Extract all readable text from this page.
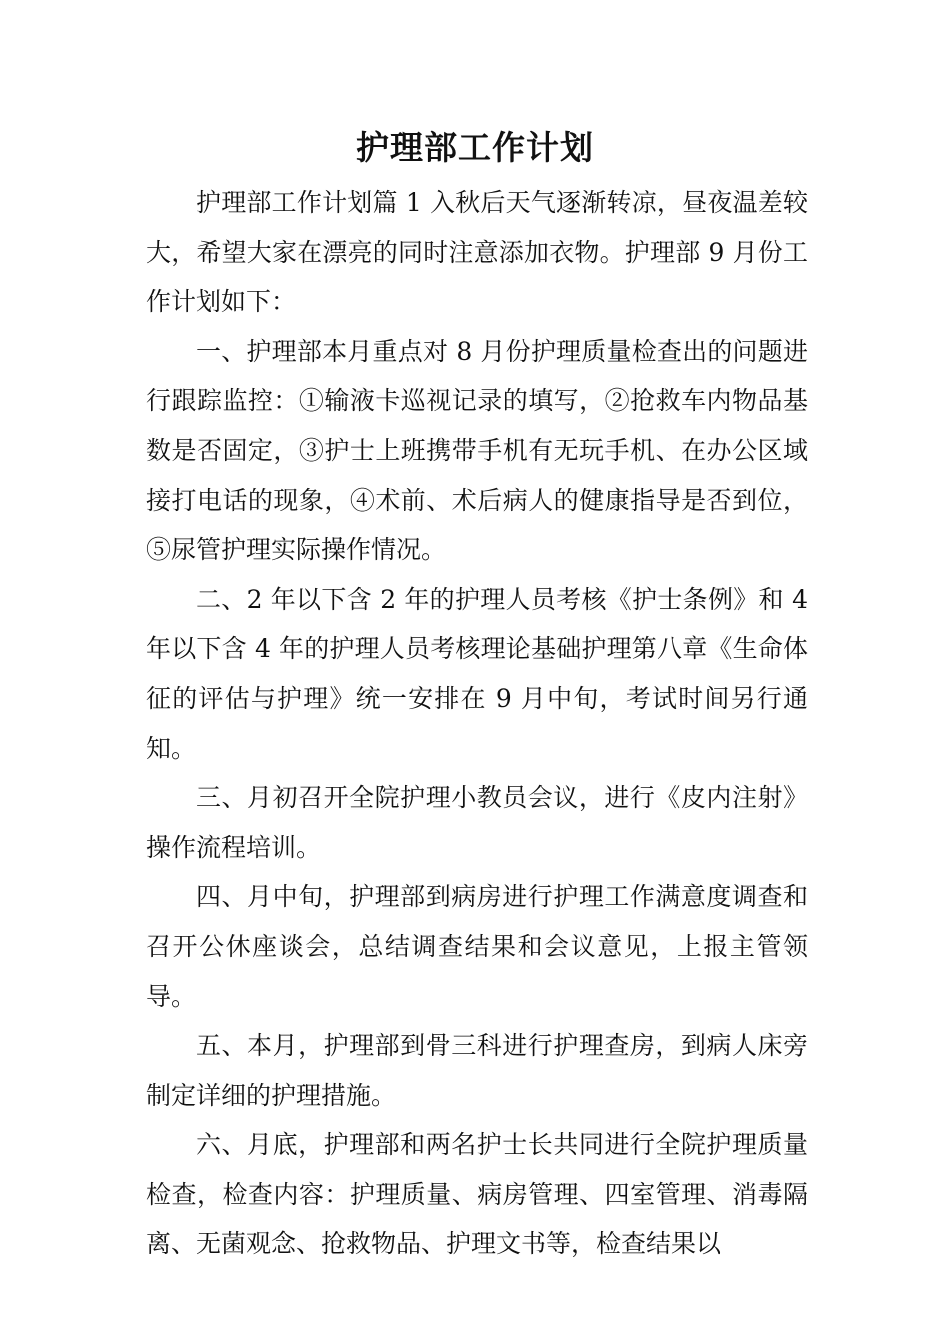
护理部工作计划

护理部工作计划篇 1 入秋后天气逐渐转凉，昼夜温差较大，希望大家在漂亮的同时注意添加衣物。护理部 9 月份工作计划如下：

一、护理部本月重点对 8 月份护理质量检查出的问题进行跟踪监控：①输液卡巡视记录的填写，②抢救车内物品基数是否固定，③护士上班携带手机有无玩手机、在办公区域接打电话的现象，④术前、术后病人的健康指导是否到位，⑤尿管护理实际操作情况。

二、2 年以下含 2 年的护理人员考核《护士条例》和 4 年以下含 4 年的护理人员考核理论基础护理第八章《生命体征的评估与护理》统一安排在 9 月中旬，考试时间另行通知。

三、月初召开全院护理小教员会议，进行《皮内注射》操作流程培训。

四、月中旬，护理部到病房进行护理工作满意度调查和召开公休座谈会，总结调查结果和会议意见，上报主管领导。

五、本月，护理部到骨三科进行护理查房，到病人床旁制定详细的护理措施。

六、月底，护理部和两名护士长共同进行全院护理质量检查，检查内容：护理质量、病房管理、四室管理、消毒隔离、无菌观念、抢救物品、护理文书等，检查结果以
